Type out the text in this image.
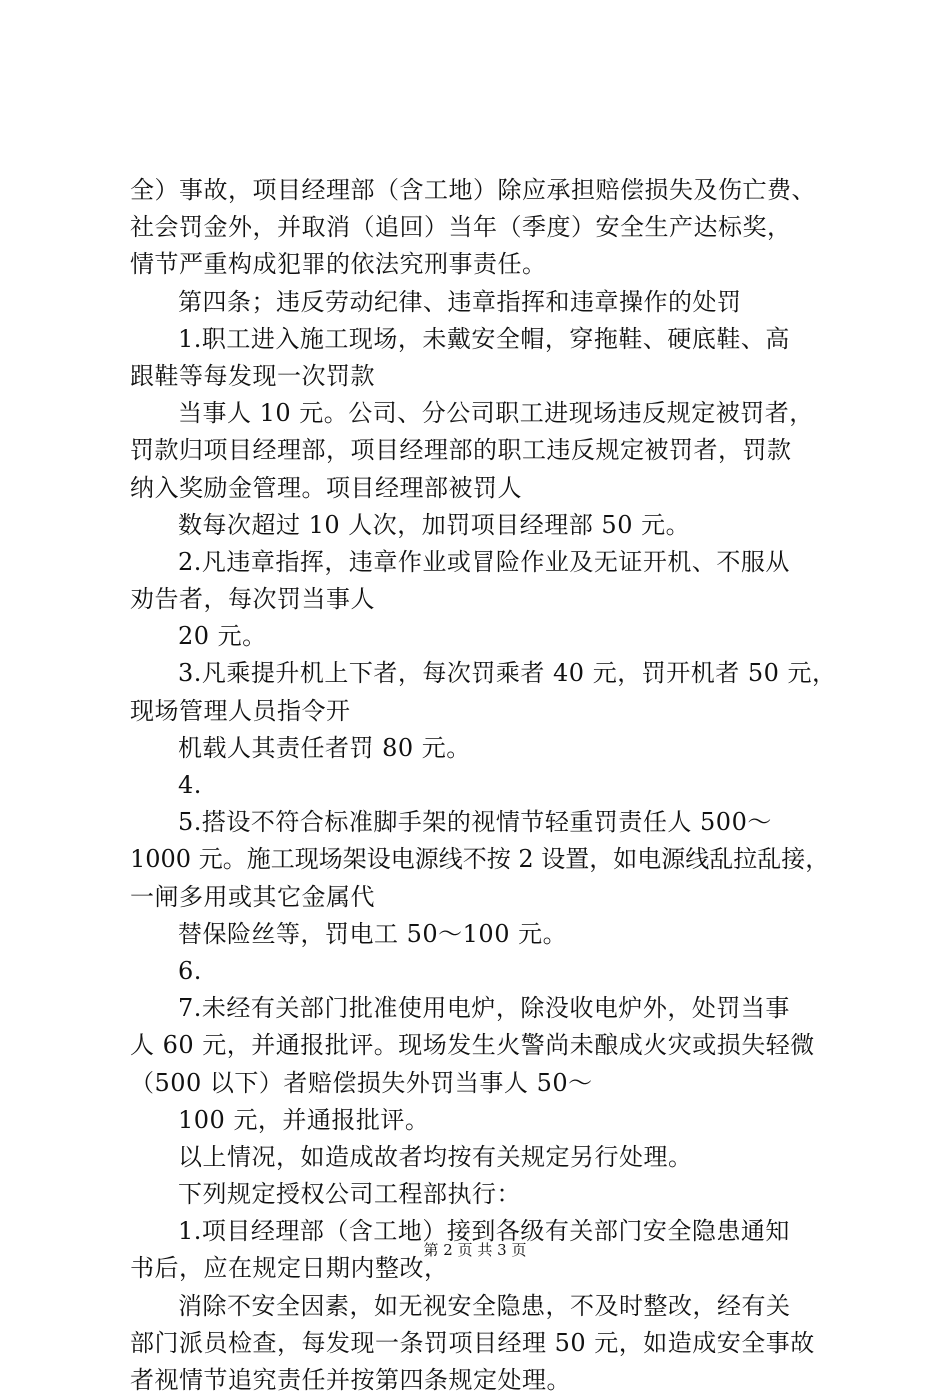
全）事故，项目经理部（含工地）除应承担赔偿损失及伤亡费、
社会罚金外，并取消（追回）当年（季度）安全生产达标奖，
情节严重构成犯罪的依法究刑事责任。
第四条；违反劳动纪律、违章指挥和违章操作的处罚
1.职工进入施工现场，未戴安全帽，穿拖鞋、硬底鞋、高
跟鞋等每发现一次罚款
当事人 10 元。公司、分公司职工进现场违反规定被罚者，
罚款归项目经理部，项目经理部的职工违反规定被罚者，罚款
纳入奖励金管理。项目经理部被罚人
数每次超过 10 人次，加罚项目经理部 50 元。
2.凡违章指挥，违章作业或冒险作业及无证开机、不服从
劝告者，每次罚当事人
20 元。
3.凡乘提升机上下者，每次罚乘者 40 元，罚开机者 50 元，
现场管理人员指令开
机载人其责任者罚 80 元。
4.
5.搭设不符合标准脚手架的视情节轻重罚责任人 500～
1000 元。施工现场架设电源线不按 2 设置，如电源线乱拉乱接，
一闸多用或其它金属代
替保险丝等，罚电工 50～100 元。
6.
7.未经有关部门批准使用电炉，除没收电炉外，处罚当事
人 60 元，并通报批评。现场发生火警尚未酿成火灾或损失轻微
（500 以下）者赔偿损失外罚当事人 50～
100 元，并通报批评。
以上情况，如造成故者均按有关规定另行处理。
下列规定授权公司工程部执行：
1.项目经理部（含工地）接到各级有关部门安全隐患通知
书后，应在规定日期内整改，
消除不安全因素，如无视安全隐患，不及时整改，经有关
部门派员检查，每发现一条罚项目经理 50 元，如造成安全事故
者视情节追究责任并按第四条规定处理。
第 2 页 共 3 页
